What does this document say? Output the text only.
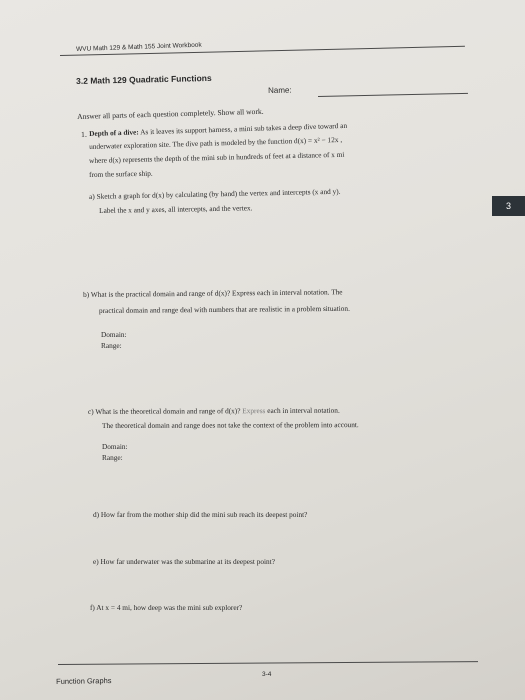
WVU Math 129 & Math 155 Joint Workbook
3.2 Math 129 Quadratic Functions
Name:
Answer all parts of each question completely. Show all work.
1. Depth of a dive: As it leaves its support harness, a mini sub takes a deep dive toward an
underwater exploration site. The dive path is modeled by the function d(x) = x² − 12x ,
where d(x) represents the depth of the mini sub in hundreds of feet at a distance of x mi
from the surface ship.
a) Sketch a graph for d(x) by calculating (by hand) the vertex and intercepts (x and y).
Label the x and y axes, all intercepts, and the vertex.
b) What is the practical domain and range of d(x)? Express each in interval notation. The
practical domain and range deal with numbers that are realistic in a problem situation.
Domain:
Range:
c) What is the theoretical domain and range of d(x)? Express each in interval notation.
The theoretical domain and range does not take the context of the problem into account.
Domain:
Range:
d) How far from the mother ship did the mini sub reach its deepest point?
e) How far underwater was the submarine at its deepest point?
f) At x = 4 mi, how deep was the mini sub explorer?
Function Graphs
3-4
3
